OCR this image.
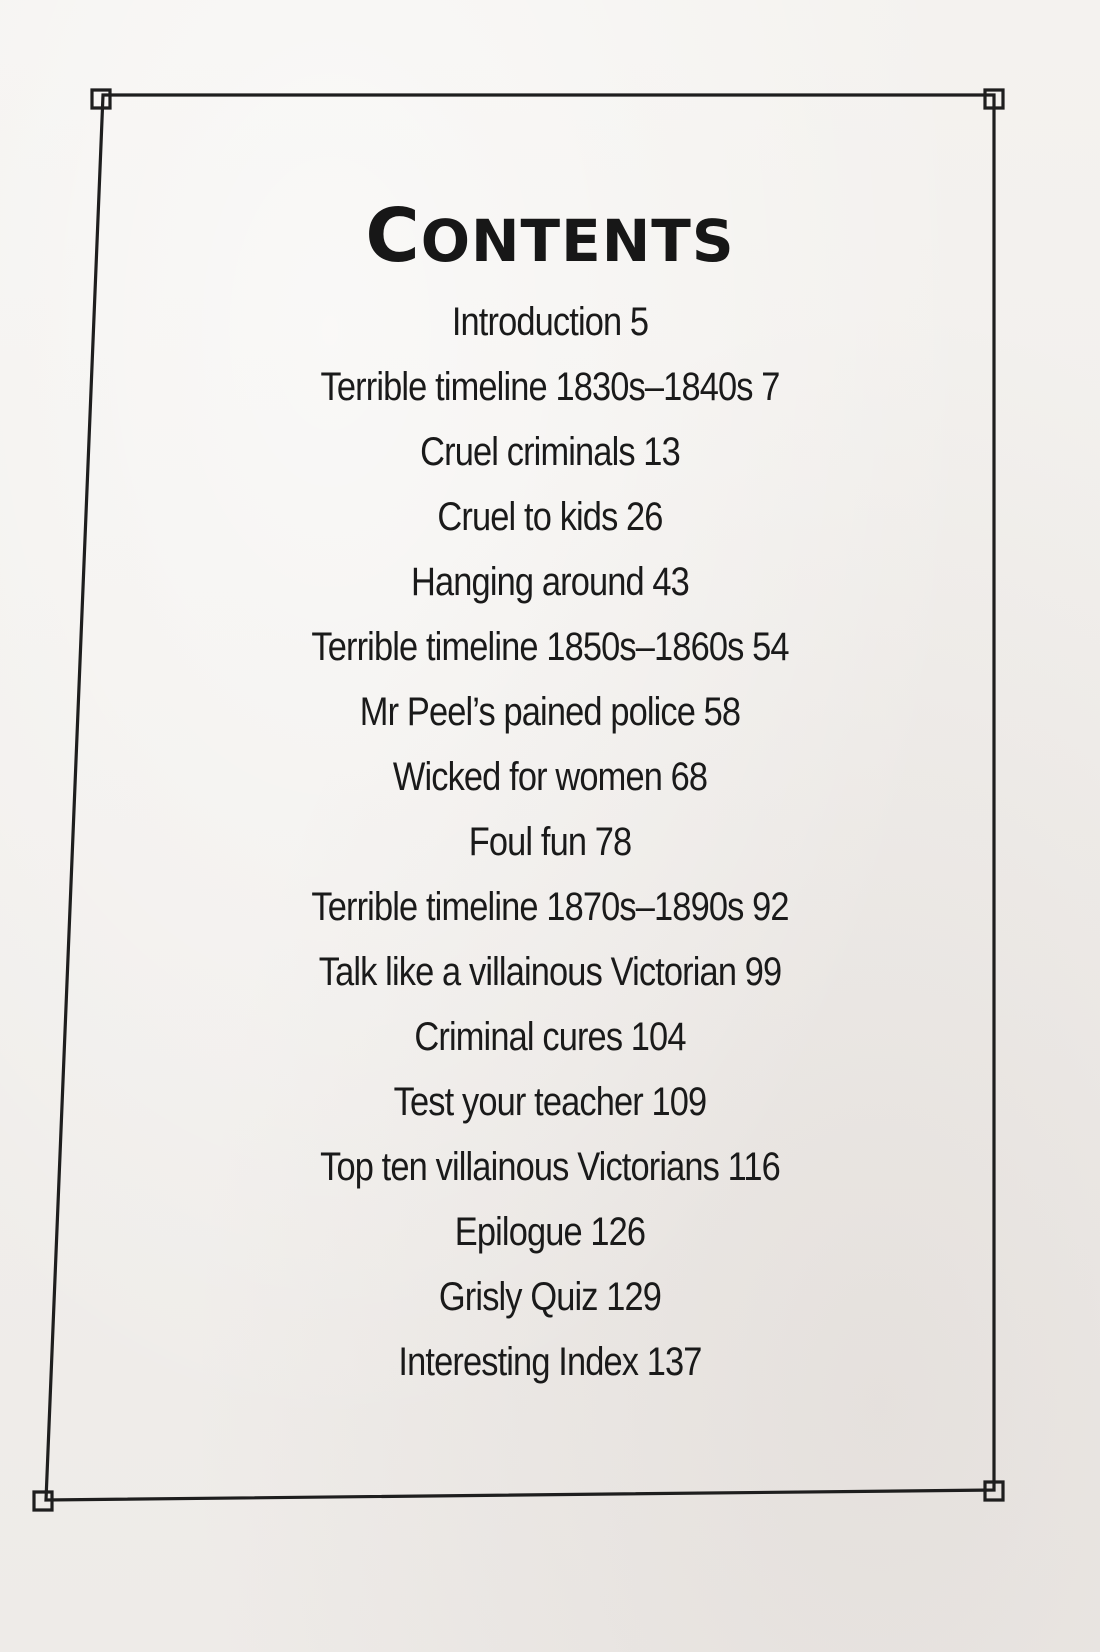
CONTENTS
Introduction 5
Terrible timeline 1830s–1840s 7
Cruel criminals 13
Cruel to kids 26
Hanging around 43
Terrible timeline 1850s–1860s 54
Mr Peel’s pained police 58
Wicked for women 68
Foul fun 78
Terrible timeline 1870s–1890s 92
Talk like a villainous Victorian 99
Criminal cures 104
Test your teacher 109
Top ten villainous Victorians 116
Epilogue 126
Grisly Quiz 129
Interesting Index 137
